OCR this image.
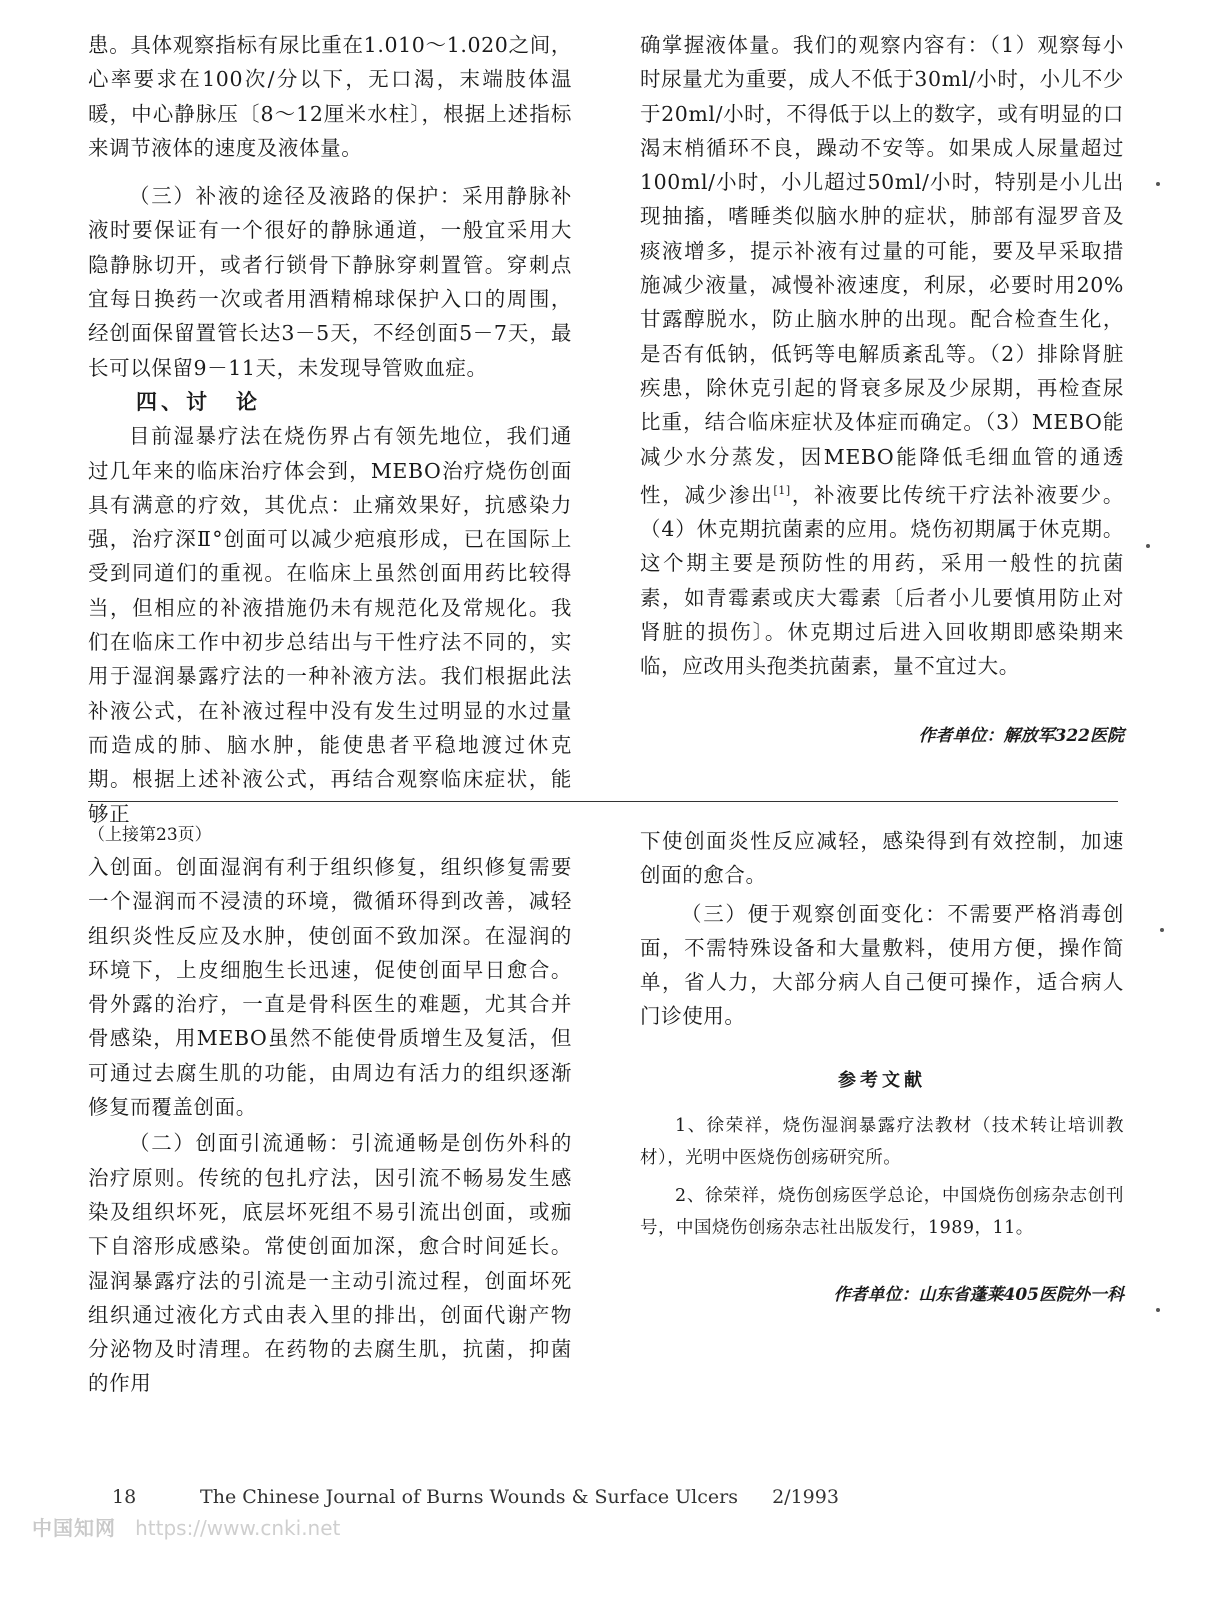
患。具体观察指标有尿比重在1.010～1.020之间，心率要求在100次/分以下，无口渴，末端肢体温暖，中心静脉压〔8～12厘米水柱〕，根据上述指标来调节液体的速度及液体量。

（三）补液的途径及液路的保护：采用静脉补液时要保证有一个很好的静脉通道，一般宜采用大隐静脉切开，或者行锁骨下静脉穿刺置管。穿刺点宜每日换药一次或者用酒精棉球保护入口的周围，经创面保留置管长达3－5天，不经创面5－7天，最长可以保留9－11天，未发现导管败血症。

四、讨　论

目前湿暴疗法在烧伤界占有领先地位，我们通过几年来的临床治疗体会到，MEBO治疗烧伤创面具有满意的疗效，其优点：止痛效果好，抗感染力强，治疗深Ⅱ°创面可以减少疤痕形成，已在国际上受到同道们的重视。在临床上虽然创面用药比较得当，但相应的补液措施仍未有规范化及常规化。我们在临床工作中初步总结出与干性疗法不同的，实用于湿润暴露疗法的一种补液方法。我们根据此法补液公式，在补液过程中没有发生过明显的水过量而造成的肺、脑水肿，能使患者平稳地渡过休克期。根据上述补液公式，再结合观察临床症状，能够正

确掌握液体量。我们的观察内容有：（1）观察每小时尿量尤为重要，成人不低于30ml/小时，小儿不少于20ml/小时，不得低于以上的数字，或有明显的口渴末梢循环不良，躁动不安等。如果成人尿量超过100ml/小时，小儿超过50ml/小时，特别是小儿出现抽搐，嗜睡类似脑水肿的症状，肺部有湿罗音及痰液增多，提示补液有过量的可能，要及早采取措施减少液量，减慢补液速度，利尿，必要时用20%甘露醇脱水，防止脑水肿的出现。配合检查生化，是否有低钠，低钙等电解质紊乱等。（2）排除肾脏疾患，除休克引起的肾衰多尿及少尿期，再检查尿比重，结合临床症状及体症而确定。（3）MEBO能减少水分蒸发，因MEBO能降低毛细血管的通透性，减少渗出[1]，补液要比传统干疗法补液要少。（4）休克期抗菌素的应用。烧伤初期属于休克期。这个期主要是预防性的用药，采用一般性的抗菌素，如青霉素或庆大霉素〔后者小儿要慎用防止对肾脏的损伤〕。休克期过后进入回收期即感染期来临，应改用头孢类抗菌素，量不宜过大。

作者单位：解放军322医院

（上接第23页）

入创面。创面湿润有利于组织修复，组织修复需要一个湿润而不浸渍的环境，微循环得到改善，减轻组织炎性反应及水肿，使创面不致加深。在湿润的环境下，上皮细胞生长迅速，促使创面早日愈合。骨外露的治疗，一直是骨科医生的难题，尤其合并骨感染，用MEBO虽然不能使骨质增生及复活，但可通过去腐生肌的功能，由周边有活力的组织逐渐修复而覆盖创面。

（二）创面引流通畅：引流通畅是创伤外科的治疗原则。传统的包扎疗法，因引流不畅易发生感染及组织坏死，底层坏死组不易引流出创面，或痂下自溶形成感染。常使创面加深，愈合时间延长。湿润暴露疗法的引流是一主动引流过程，创面坏死组织通过液化方式由表入里的排出，创面代谢产物分泌物及时清理。在药物的去腐生肌，抗菌，抑菌的作用

下使创面炎性反应减轻，感染得到有效控制，加速创面的愈合。

（三）便于观察创面变化：不需要严格消毒创面，不需特殊设备和大量敷料，使用方便，操作简单，省人力，大部分病人自己便可操作，适合病人门诊使用。

参考文献

1、徐荣祥，烧伤湿润暴露疗法教材（技术转让培训教材），光明中医烧伤创疡研究所。

2、徐荣祥，烧伤创疡医学总论，中国烧伤创疡杂志创刊号，中国烧伤创疡杂志社出版发行，1989，11。

作者单位：山东省蓬莱405医院外一科

18	The Chinese Journal of Burns Wounds & Surface Ulcers 2/1993
中国知网 https://www.cnki.net
